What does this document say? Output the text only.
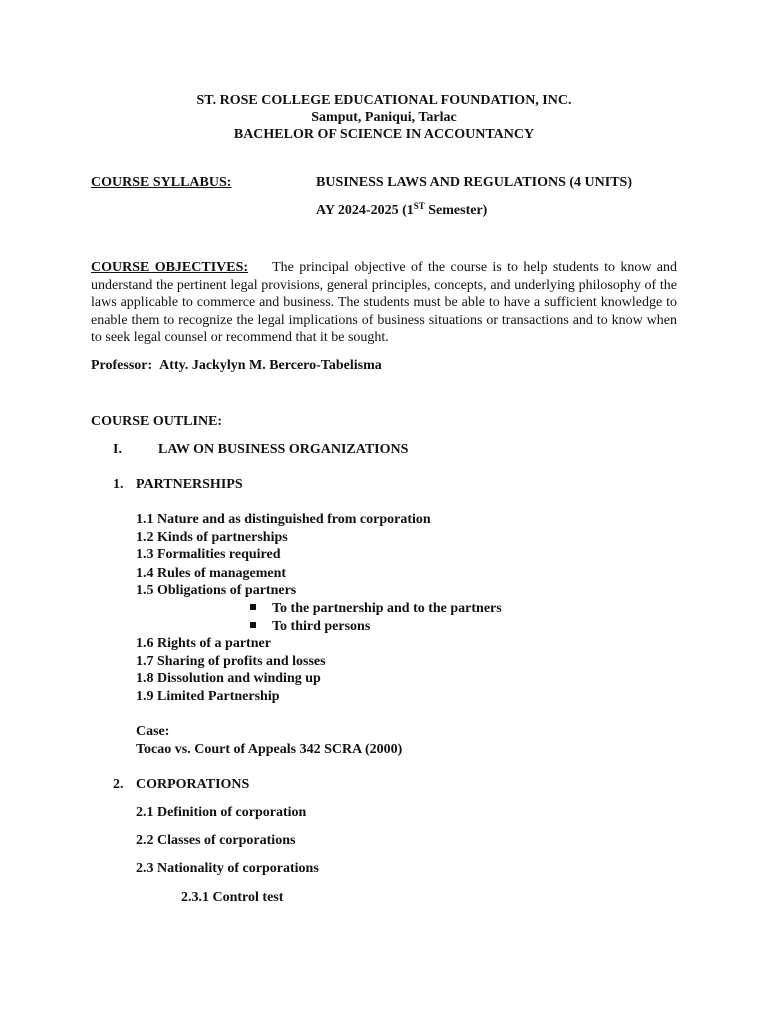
ST. ROSE COLLEGE EDUCATIONAL FOUNDATION, INC.
Samput, Paniqui, Tarlac
BACHELOR OF SCIENCE IN ACCOUNTANCY
COURSE SYLLABUS:	BUSINESS LAWS AND REGULATIONS (4 UNITS)
AY 2024-2025 (1ST Semester)
COURSE OBJECTIVES: The principal objective of the course is to help students to know and understand the pertinent legal provisions, general principles, concepts, and underlying philosophy of the laws applicable to commerce and business. The students must be able to have a sufficient knowledge to enable them to recognize the legal implications of business situations or transactions and to know when to seek legal counsel or recommend that it be sought.
Professor: Atty. Jackylyn M. Bercero-Tabelisma
COURSE OUTLINE:
I.	LAW ON BUSINESS ORGANIZATIONS
1. PARTNERSHIPS
1.1 Nature and as distinguished from corporation
1.2 Kinds of partnerships
1.3 Formalities required
1.4 Rules of management
1.5 Obligations of partners
To the partnership and to the partners
To third persons
1.6 Rights of a partner
1.7 Sharing of profits and losses
1.8 Dissolution and winding up
1.9 Limited Partnership
Case:
Tocao vs. Court of Appeals 342 SCRA (2000)
2. CORPORATIONS
2.1 Definition of corporation
2.2 Classes of corporations
2.3 Nationality of corporations
2.3.1 Control test
